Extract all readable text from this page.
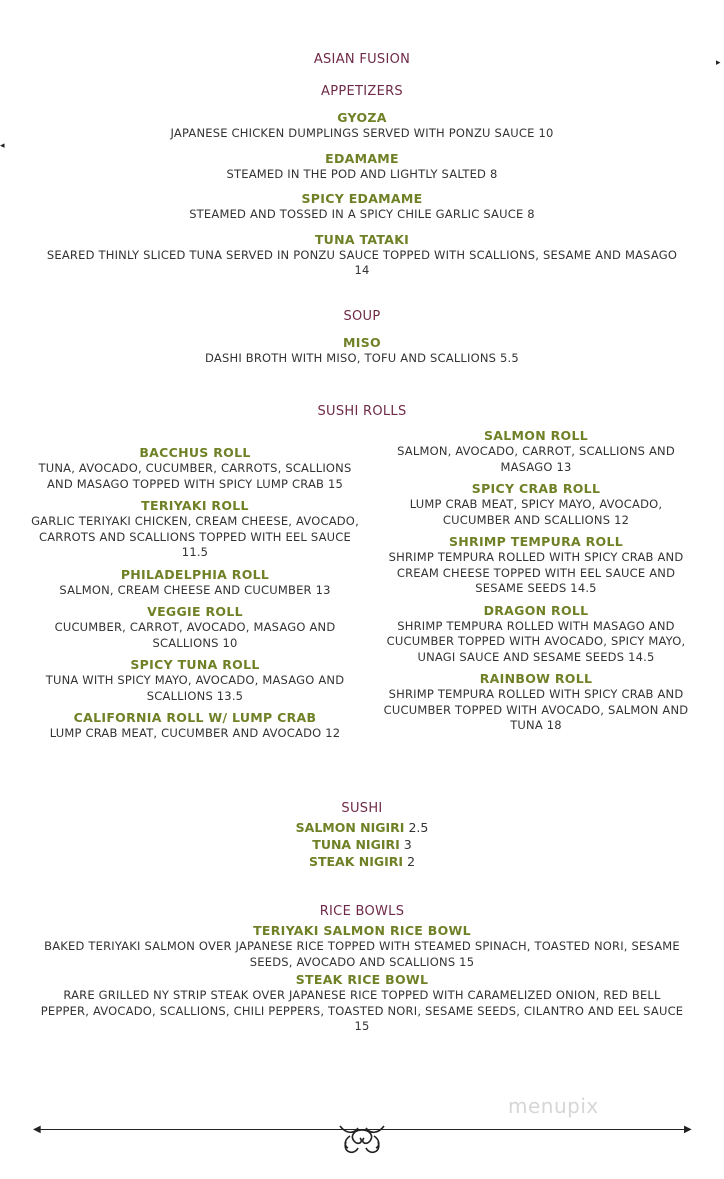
▸
◂
ASIAN FUSION
APPETIZERS
GYOZA
JAPANESE CHICKEN DUMPLINGS SERVED WITH PONZU SAUCE 10
EDAMAME
STEAMED IN THE POD AND LIGHTLY SALTED 8
SPICY EDAMAME
STEAMED AND TOSSED IN A SPICY CHILE GARLIC SAUCE 8
TUNA TATAKI
SEARED THINLY SLICED TUNA SERVED IN PONZU SAUCE TOPPED WITH SCALLIONS, SESAME AND MASAGO 14
SOUP
MISO
DASHI BROTH WITH MISO, TOFU AND SCALLIONS 5.5
SUSHI ROLLS
BACCHUS ROLL
TUNA, AVOCADO, CUCUMBER, CARROTS, SCALLIONS AND MASAGO TOPPED WITH SPICY LUMP CRAB 15
TERIYAKI ROLL
GARLIC TERIYAKI CHICKEN, CREAM CHEESE, AVOCADO, CARROTS AND SCALLIONS TOPPED WITH EEL SAUCE 11.5
PHILADELPHIA ROLL
SALMON, CREAM CHEESE AND CUCUMBER 13
VEGGIE ROLL
CUCUMBER, CARROT, AVOCADO, MASAGO AND SCALLIONS 10
SPICY TUNA ROLL
TUNA WITH SPICY MAYO, AVOCADO, MASAGO AND SCALLIONS 13.5
CALIFORNIA ROLL W/ LUMP CRAB
LUMP CRAB MEAT, CUCUMBER AND AVOCADO 12
SALMON ROLL
SALMON, AVOCADO, CARROT, SCALLIONS AND MASAGO 13
SPICY CRAB ROLL
LUMP CRAB MEAT, SPICY MAYO, AVOCADO, CUCUMBER AND SCALLIONS 12
SHRIMP TEMPURA ROLL
SHRIMP TEMPURA ROLLED WITH SPICY CRAB AND CREAM CHEESE TOPPED WITH EEL SAUCE AND SESAME SEEDS 14.5
DRAGON ROLL
SHRIMP TEMPURA ROLLED WITH MASAGO AND CUCUMBER TOPPED WITH AVOCADO, SPICY MAYO, UNAGI SAUCE AND SESAME SEEDS 14.5
RAINBOW ROLL
SHRIMP TEMPURA ROLLED WITH SPICY CRAB AND CUCUMBER TOPPED WITH AVOCADO, SALMON AND TUNA 18
SUSHI
SALMON NIGIRI 2.5
TUNA NIGIRI 3
STEAK NIGIRI 2
RICE BOWLS
TERIYAKI SALMON RICE BOWL
BAKED TERIYAKI SALMON OVER JAPANESE RICE TOPPED WITH STEAMED SPINACH, TOASTED NORI, SESAME SEEDS, AVOCADO AND SCALLIONS 15
STEAK RICE BOWL
RARE GRILLED NY STRIP STEAK OVER JAPANESE RICE TOPPED WITH CARAMELIZED ONION, RED BELL PEPPER, AVOCADO, SCALLIONS, CHILI PEPPERS, TOASTED NORI, SESAME SEEDS, CILANTRO AND EEL SAUCE 15
menupix
◀	▶
